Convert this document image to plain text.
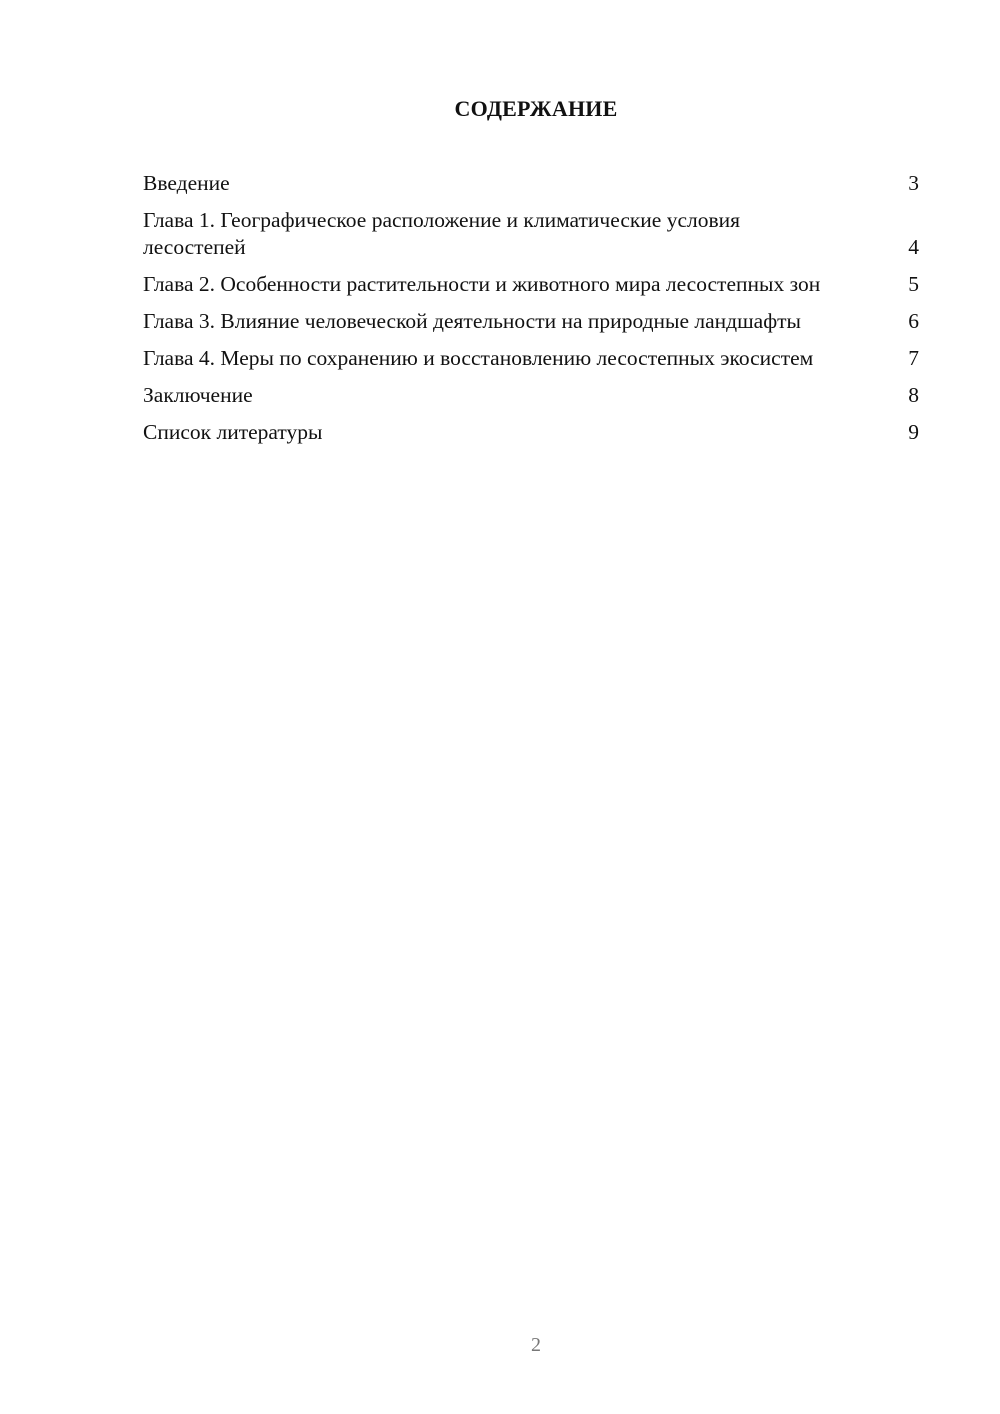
СОДЕРЖАНИЕ
Введение	3
Глава 1. Географическое расположение и климатические условия лесостепей	4
Глава 2. Особенности растительности и животного мира лесостепных зон	5
Глава 3. Влияние человеческой деятельности на природные ландшафты	6
Глава 4. Меры по сохранению и восстановлению лесостепных экосистем	7
Заключение	8
Список литературы	9
2
